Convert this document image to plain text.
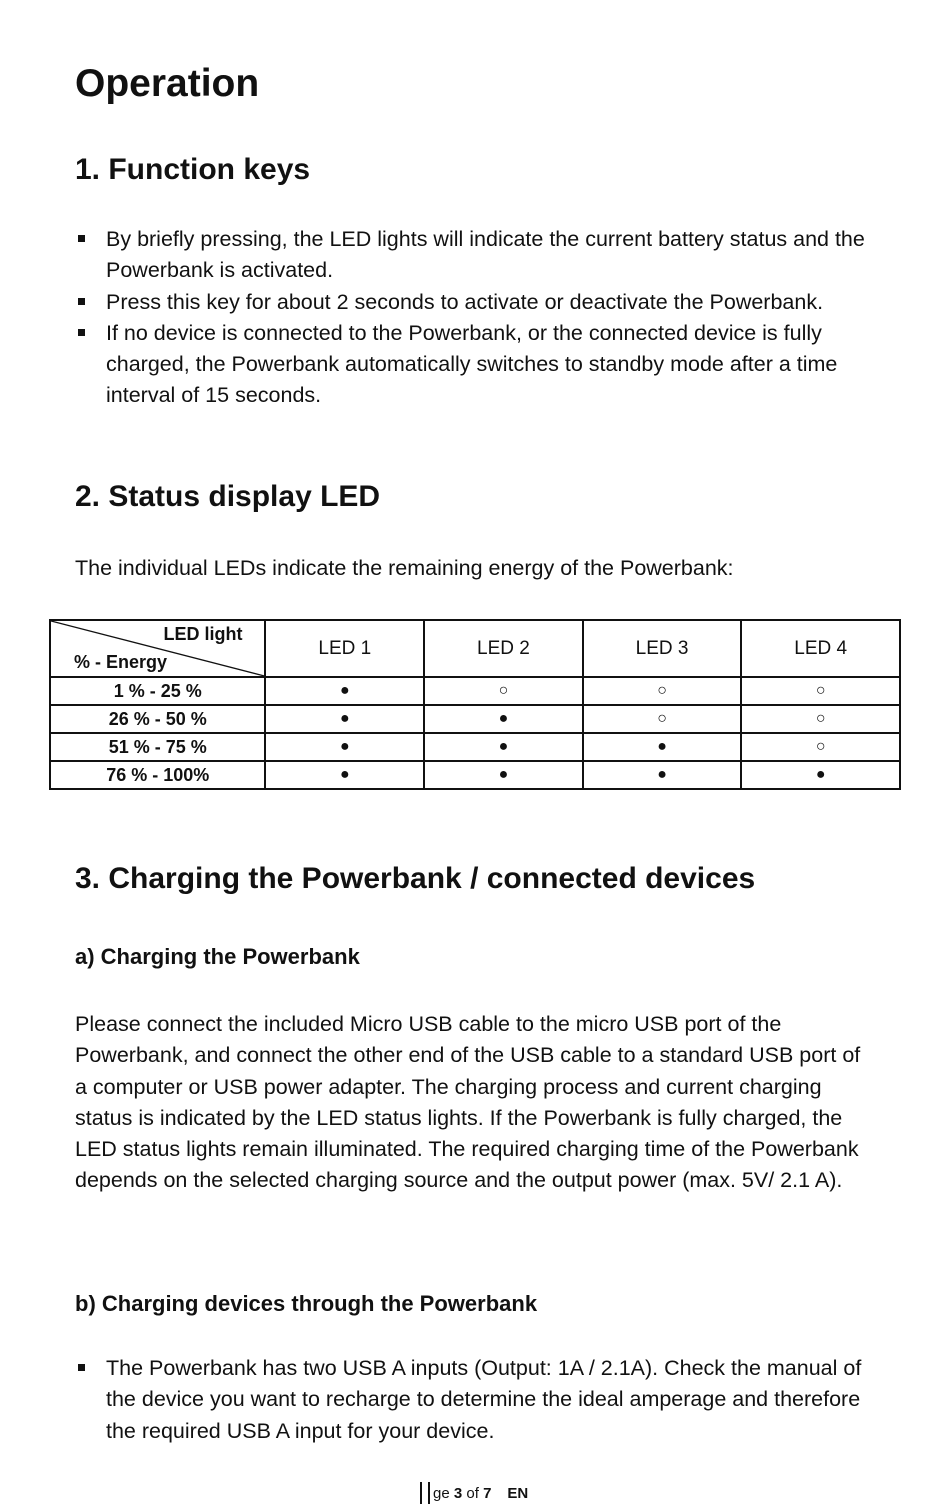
Operation
1. Function keys
By briefly pressing, the LED lights will indicate the current battery status and the Powerbank is activated.
Press this key for about 2 seconds to activate or deactivate the Powerbank.
If no device is connected to the Powerbank, or the connected device is fully charged, the Powerbank automatically switches to standby mode after a time interval of 15 seconds.
2. Status display LED

The individual LEDs indicate the remaining energy of the Powerbank:

LED light
% - Energy	LED 1	LED 2	LED 3	LED 4
1 % - 25 %	●	○	○	○
26 % - 50 %	●	●	○	○
51 % - 75 %	●	●	●	○
76 % - 100%	●	●	●	●
3. Charging the Powerbank / connected devices
a) Charging the Powerbank

Please connect the included Micro USB cable to the micro USB port of the Powerbank, and connect the other end of the USB cable to a standard USB port of a computer or USB power adapter. The charging process and current charging status is indicated by the LED status lights. If the Powerbank is fully charged, the LED status lights remain illuminated. The required charging time of the Powerbank depends on the selected charging source and the output power (max. 5V/ 2.1 A).

b) Charging devices through the Powerbank
The Powerbank has two USB A inputs (Output: 1A / 2.1A). Check the manual of the device you want to recharge to determine the ideal amperage and therefore the required USB A input for your device.
ge 3 of 7 EN
